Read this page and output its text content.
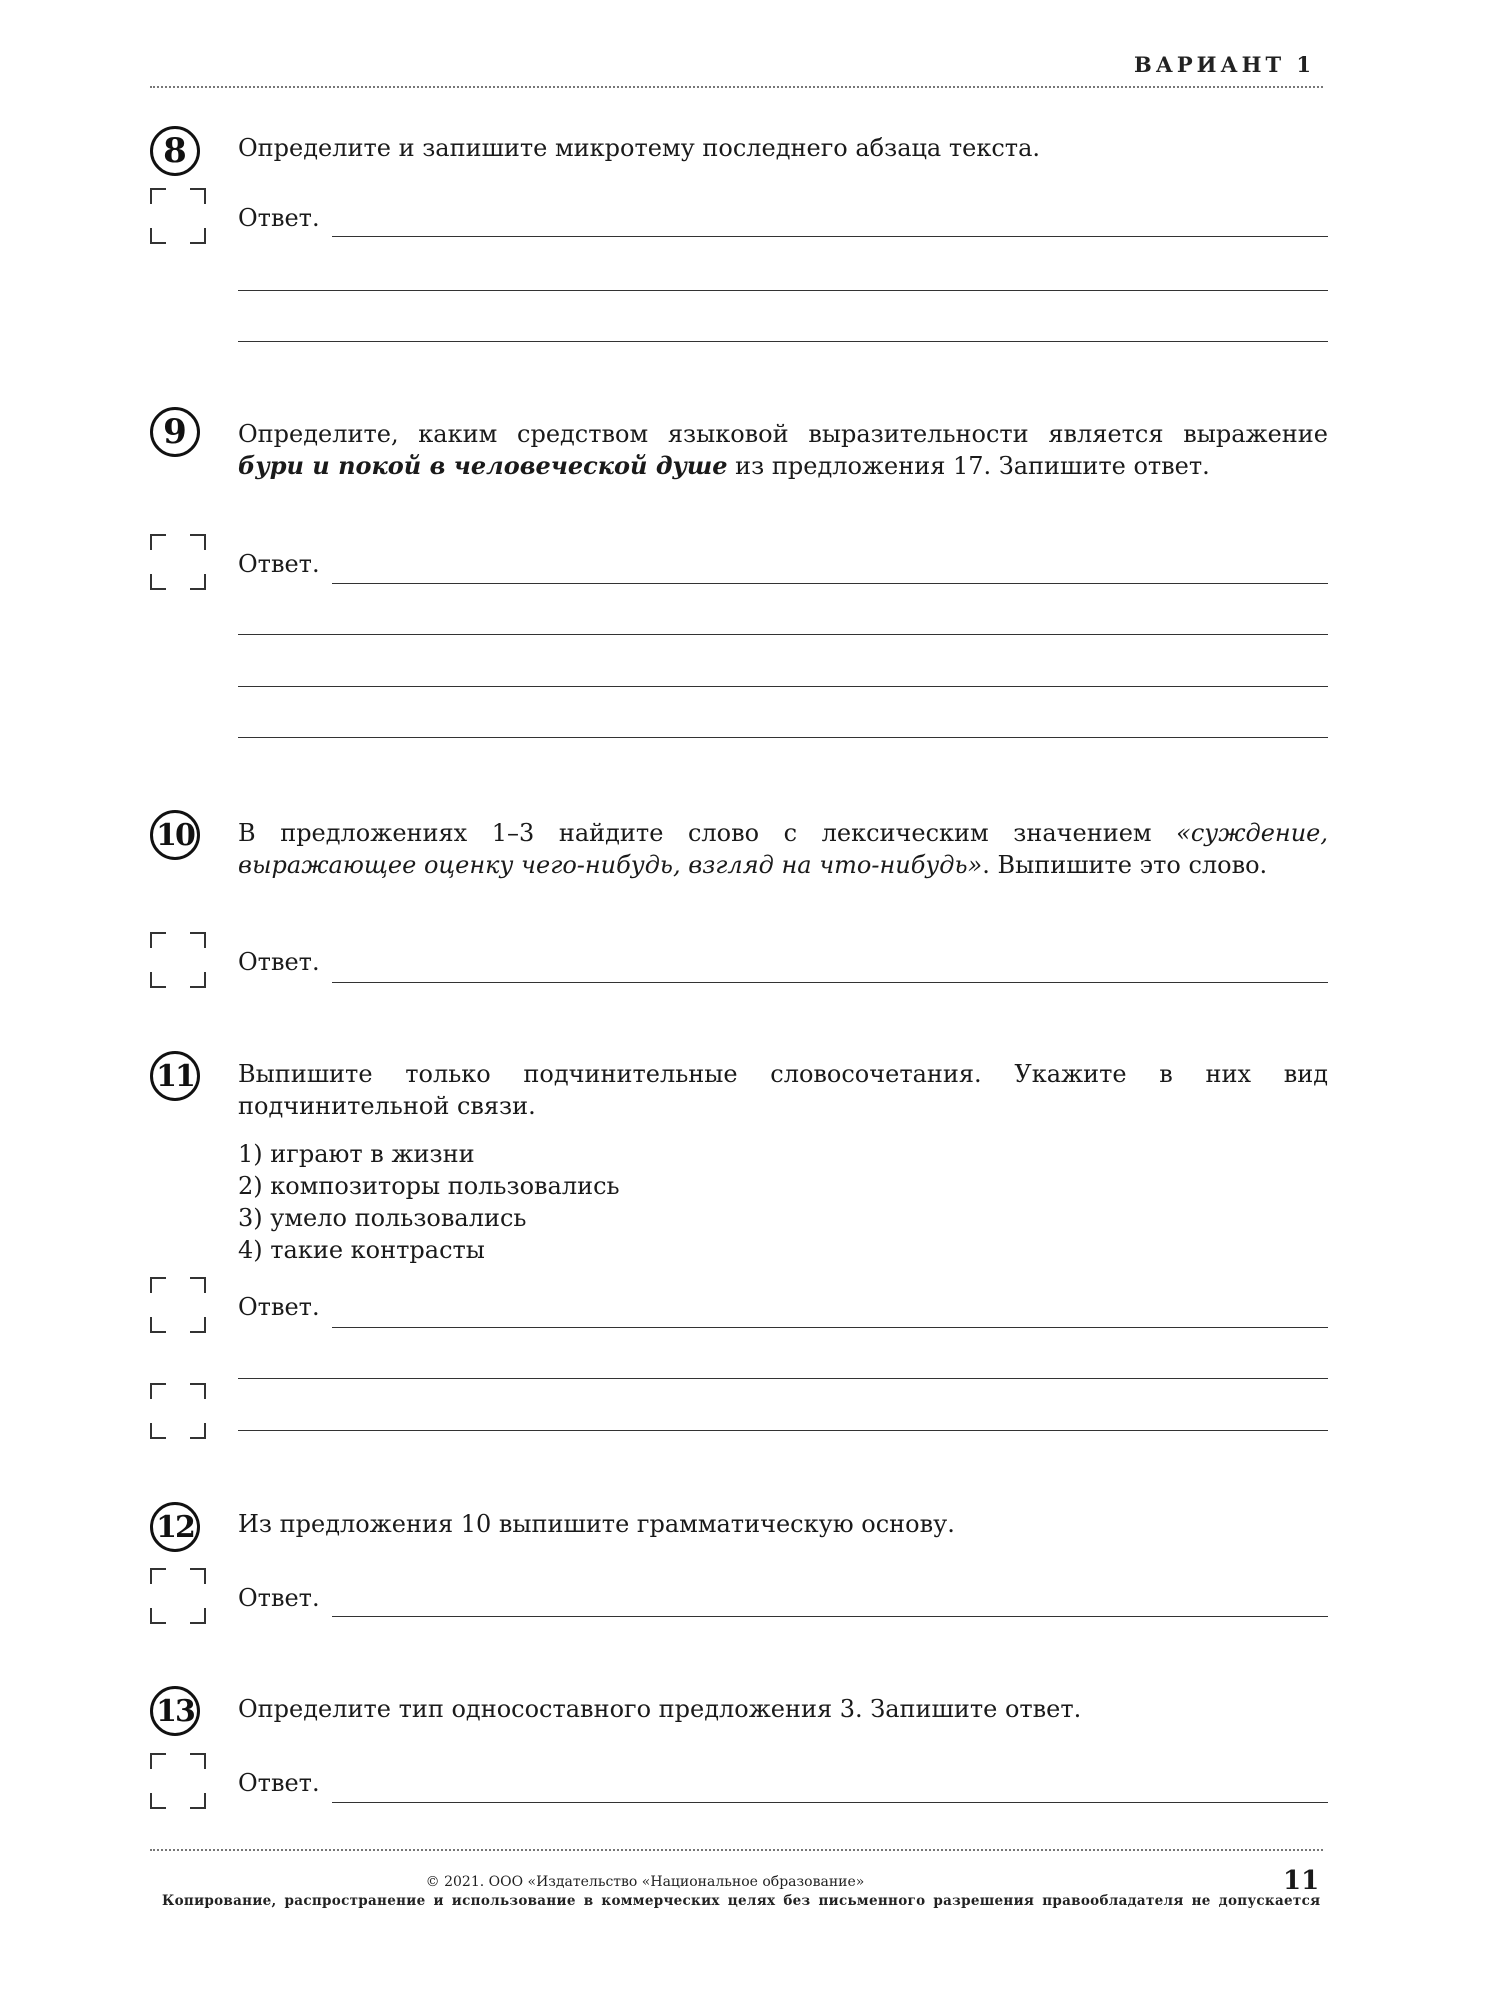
ВАРИАНТ 1
8	Определите и запишите микротему последнего абзаца текста.
Ответ.
9	Определите, каким средством языковой выразительности является выражение бури и покой в человеческой душе из предложения 17. Запишите ответ.
Ответ.
10 В предложениях 1–3 найдите слово с лексическим значением «суждение, выражающее оценку чего-нибудь, взгляд на что-нибудь». Выпишите это слово.
Ответ.
11 Выпишите только подчинительные словосочетания. Укажите в них вид подчинительной связи.
1) играют в жизни
2) композиторы пользовались
3) умело пользовались
4) такие контрасты
Ответ.
12 Из предложения 10 выпишите грамматическую основу.
Ответ.
13 Определите тип односоставного предложения 3. Запишите ответ.
Ответ.
© 2021. ООО «Издательство «Национальное образование»
Копирование, распространение и использование в коммерческих целях без письменного разрешения правообладателя не допускается
11
